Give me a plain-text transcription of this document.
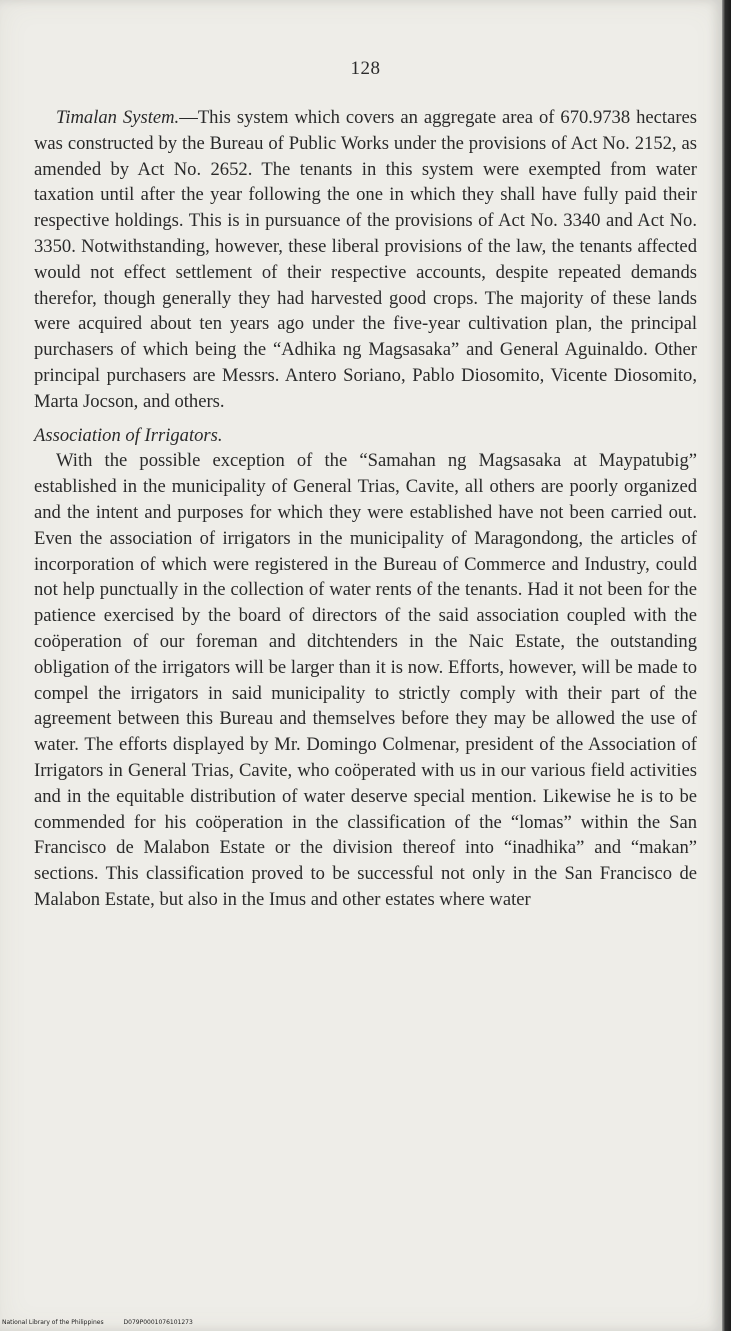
128

Timalan System.—This system which covers an aggregate area of 670.9738 hectares was constructed by the Bureau of Public Works under the provisions of Act No. 2152, as amended by Act No. 2652. The tenants in this system were exempted from water taxation until after the year following the one in which they shall have fully paid their respective holdings. This is in pursuance of the provisions of Act No. 3340 and Act No. 3350. Notwithstanding, however, these liberal provisions of the law, the tenants affected would not effect settlement of their respective accounts, despite repeated demands therefor, though generally they had harvested good crops. The majority of these lands were acquired about ten years ago under the five-year cultivation plan, the principal purchasers of which being the “Adhika ng Magsasaka” and General Aguinaldo. Other principal purchasers are Messrs. Antero Soriano, Pablo Diosomito, Vicente Diosomito, Marta Jocson, and others.

Association of Irrigators.

With the possible exception of the “Samahan ng Magsasaka at Maypatubig” established in the municipality of General Trias, Cavite, all others are poorly organized and the intent and purposes for which they were established have not been carried out. Even the association of irrigators in the municipality of Maragondong, the articles of incorporation of which were registered in the Bureau of Commerce and Industry, could not help punctually in the collection of water rents of the tenants. Had it not been for the patience exercised by the board of directors of the said association coupled with the coöperation of our foreman and ditchtenders in the Naic Estate, the outstanding obligation of the irrigators will be larger than it is now. Efforts, however, will be made to compel the irrigators in said municipality to strictly comply with their part of the agreement between this Bureau and themselves before they may be allowed the use of water. The efforts displayed by Mr. Domingo Colmenar, president of the Association of Irrigators in General Trias, Cavite, who coöperated with us in our various field activities and in the equitable distribution of water deserve special mention. Likewise he is to be commended for his coöperation in the classification of the “lomas” within the San Francisco de Malabon Estate or the division thereof into “inadhika” and “makan” sections. This classification proved to be successful not only in the San Francisco de Malabon Estate, but also in the Imus and other estates where water

National Library of the Philippines	D079P0001076101273
